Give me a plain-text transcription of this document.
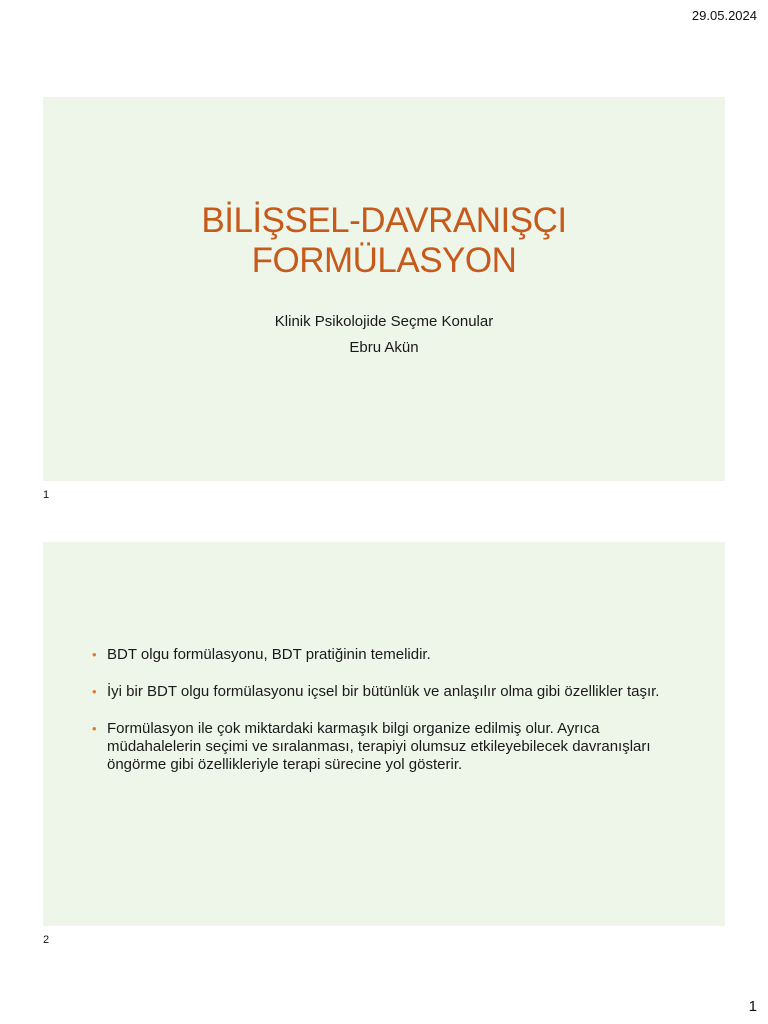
29.05.2024
BİLİŞSEL-DAVRANIŞÇI
FORMÜLASYON
Klinik Psikolojide Seçme Konular
Ebru Akün
1
• BDT olgu formülasyonu, BDT pratiğinin temelidir.
• İyi bir BDT olgu formülasyonu içsel bir bütünlük ve anlaşılır olma gibi özellikler taşır.
• Formülasyon ile çok miktardaki karmaşık bilgi organize edilmiş olur. Ayrıca müdahalelerin seçimi ve sıralanması, terapiyi olumsuz etkileyebilecek davranışları öngörme gibi özellikleriyle terapi sürecine yol gösterir.
2
1
